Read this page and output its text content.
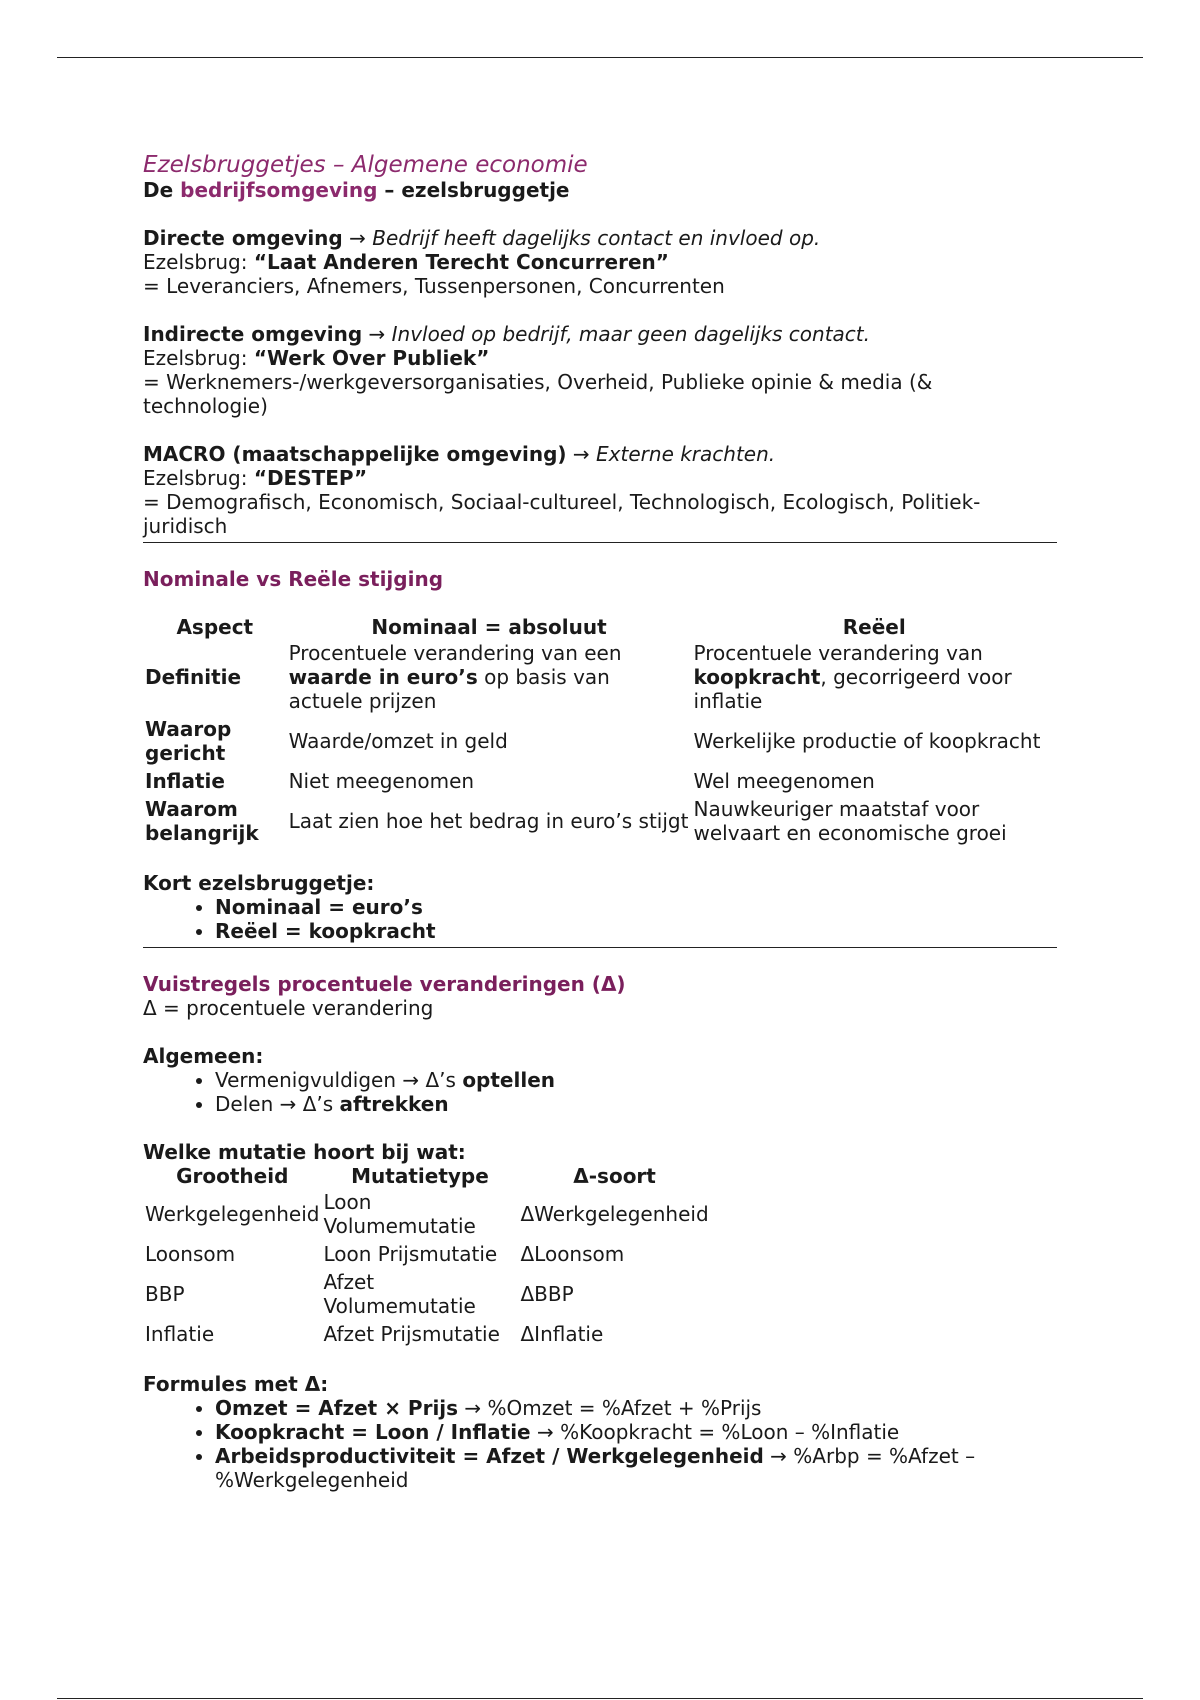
Ezelsbruggetjes – Algemene economie
De bedrijfsomgeving – ezelsbruggetje
Directe omgeving → Bedrijf heeft dagelijks contact en invloed op.
Ezelsbrug: “Laat Anderen Terecht Concurreren”
= Leveranciers, Afnemers, Tussenpersonen, Concurrenten
Indirecte omgeving → Invloed op bedrijf, maar geen dagelijks contact.
Ezelsbrug: “Werk Over Publiek”
= Werknemers-/werkgeversorganisaties, Overheid, Publieke opinie & media (& technologie)
MACRO (maatschappelijke omgeving) → Externe krachten.
Ezelsbrug: “DESTEP”
= Demografisch, Economisch, Sociaal-cultureel, Technologisch, Ecologisch, Politiek-juridisch
Nominale vs Reële stijging
Aspect	Nominaal = absoluut	Reëel
Definitie	Procentuele verandering van een waarde in euro’s op basis van actuele prijzen	Procentuele verandering van koopkracht, gecorrigeerd voor inflatie
Waarop gericht	Waarde/omzet in geld	Werkelijke productie of koopkracht
Inflatie	Niet meegenomen	Wel meegenomen
Waarom belangrijk	Laat zien hoe het bedrag in euro’s stijgt	Nauwkeuriger maatstaf voor welvaart en economische groei
Kort ezelsbruggetje:
• Nominaal = euro’s
• Reëel = koopkracht
Vuistregels procentuele veranderingen (Δ)
Δ = procentuele verandering
Algemeen:
• Vermenigvuldigen → Δ’s optellen
• Delen → Δ’s aftrekken
Welke mutatie hoort bij wat:
Grootheid	Mutatietype	Δ-soort
Werkgelegenheid	Loon Volumemutatie	ΔWerkgelegenheid
Loonsom	Loon Prijsmutatie	ΔLoonsom
BBP	Afzet Volumemutatie	ΔBBP
Inflatie	Afzet Prijsmutatie	ΔInflatie
Formules met Δ:
• Omzet = Afzet × Prijs → %Omzet = %Afzet + %Prijs
• Koopkracht = Loon / Inflatie → %Koopkracht = %Loon – %Inflatie
• Arbeidsproductiviteit = Afzet / Werkgelegenheid → %Arbp = %Afzet – %Werkgelegenheid
